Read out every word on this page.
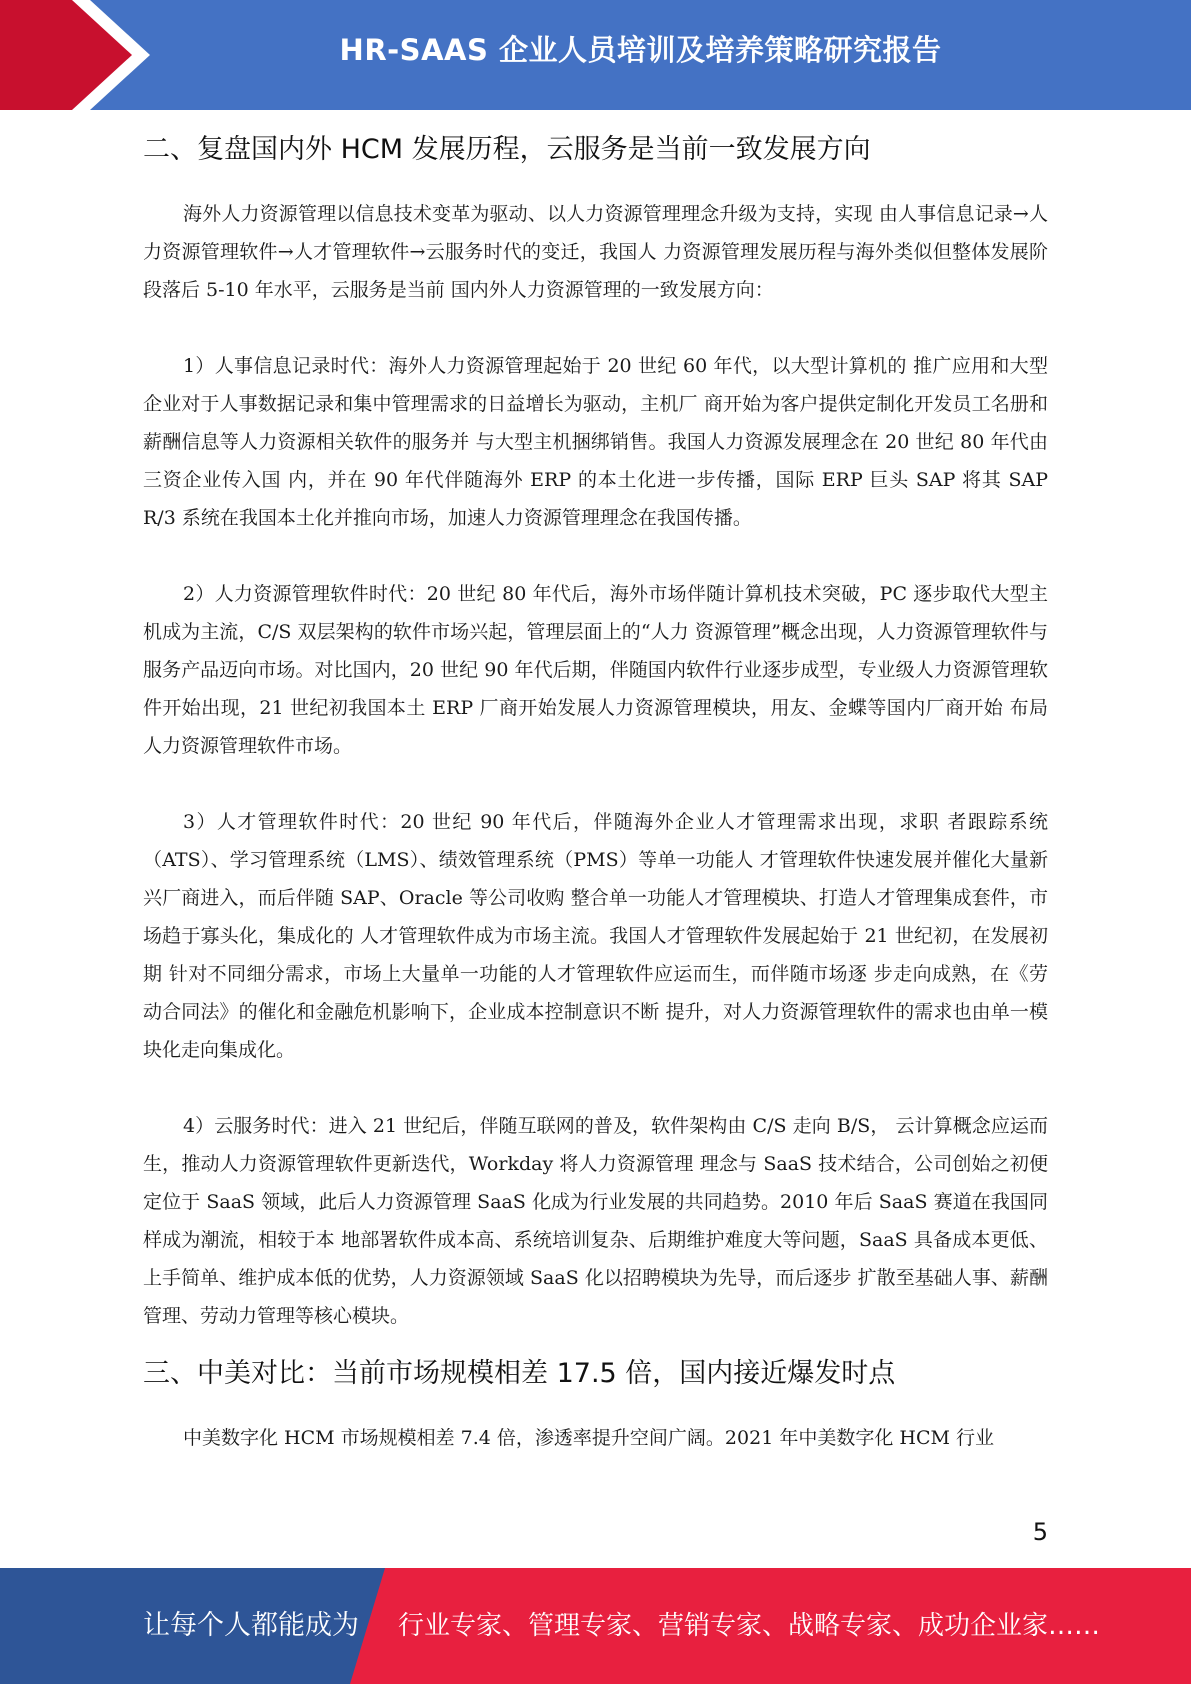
HR-SAAS 企业人员培训及培养策略研究报告
二、复盘国内外 HCM 发展历程，云服务是当前一致发展方向

海外人力资源管理以信息技术变革为驱动、以人力资源管理理念升级为支持，实现 由人事信息记录→人力资源管理软件→人才管理软件→云服务时代的变迁，我国人 力资源管理发展历程与海外类似但整体发展阶段落后 5-10 年水平，云服务是当前 国内外人力资源管理的一致发展方向：

1）人事信息记录时代：海外人力资源管理起始于 20 世纪 60 年代，以大型计算机的 推广应用和大型企业对于人事数据记录和集中管理需求的日益增长为驱动，主机厂 商开始为客户提供定制化开发员工名册和薪酬信息等人力资源相关软件的服务并 与大型主机捆绑销售。我国人力资源发展理念在 20 世纪 80 年代由三资企业传入国 内，并在 90 年代伴随海外 ERP 的本土化进一步传播，国际 ERP 巨头 SAP 将其 SAP R/3 系统在我国本土化并推向市场，加速人力资源管理理念在我国传播。

2）人力资源管理软件时代：20 世纪 80 年代后，海外市场伴随计算机技术突破，PC 逐步取代大型主机成为主流，C/S 双层架构的软件市场兴起，管理层面上的“人力 资源管理”概念出现，人力资源管理软件与服务产品迈向市场。对比国内，20 世纪 90 年代后期，伴随国内软件行业逐步成型，专业级人力资源管理软件开始出现，21 世纪初我国本土 ERP 厂商开始发展人力资源管理模块，用友、金蝶等国内厂商开始 布局人力资源管理软件市场。

3）人才管理软件时代：20 世纪 90 年代后，伴随海外企业人才管理需求出现，求职 者跟踪系统（ATS）、学习管理系统（LMS）、绩效管理系统（PMS）等单一功能人 才管理软件快速发展并催化大量新兴厂商进入，而后伴随 SAP、Oracle 等公司收购 整合单一功能人才管理模块、打造人才管理集成套件，市场趋于寡头化，集成化的 人才管理软件成为市场主流。我国人才管理软件发展起始于 21 世纪初，在发展初期 针对不同细分需求，市场上大量单一功能的人才管理软件应运而生，而伴随市场逐 步走向成熟，在《劳动合同法》的催化和金融危机影响下，企业成本控制意识不断 提升，对人力资源管理软件的需求也由单一模块化走向集成化。

4）云服务时代：进入 21 世纪后，伴随互联网的普及，软件架构由 C/S 走向 B/S， 云计算概念应运而生，推动人力资源管理软件更新迭代，Workday 将人力资源管理 理念与 SaaS 技术结合，公司创始之初便定位于 SaaS 领域，此后人力资源管理 SaaS 化成为行业发展的共同趋势。2010 年后 SaaS 赛道在我国同样成为潮流，相较于本 地部署软件成本高、系统培训复杂、后期维护难度大等问题，SaaS 具备成本更低、 上手简单、维护成本低的优势，人力资源领域 SaaS 化以招聘模块为先导，而后逐步 扩散至基础人事、薪酬管理、劳动力管理等核心模块。

三、中美对比：当前市场规模相差 17.5 倍，国内接近爆发时点

中美数字化 HCM 市场规模相差 7.4 倍，渗透率提升空间广阔。2021 年中美数字化 HCM 行业

5
让每个人都能成为 行业专家、管理专家、营销专家、战略专家、成功企业家……
